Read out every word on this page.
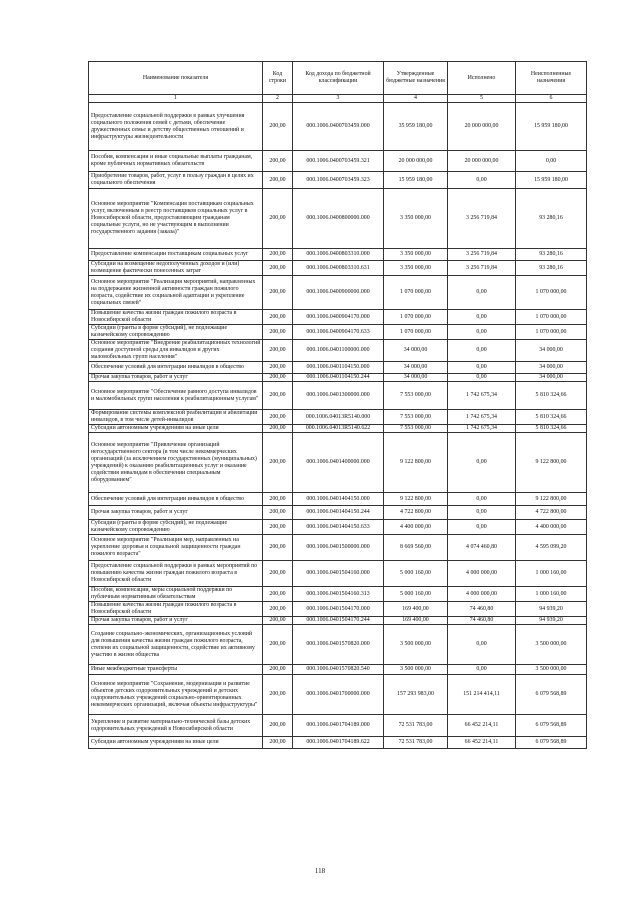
Наименование показателя	Код строки	Код дохода по бюджетной классификации	Утвержденные бюджетные назначения	Исполнено	Неисполненные назначения
1	2	3	4	5	6
Предоставление социальной поддержки в рамках улучшения социального положения семей с детьми, обеспечение дружественных семье и детству общественных отношений и инфраструктуры жизнедеятельности	200,00	000.1006.0400703459.000	35 959 180,00	20 000 000,00	15 959 180,00
Пособия, компенсации и иные социальные выплаты гражданам, кроме публичных нормативных обязательств	200,00	000.1006.0400703459.321	20 000 000,00	20 000 000,00	0,00
Приобретение товаров, работ, услуг в пользу граждан в целях их социального обеспечения	200,00	000.1006.0400703459.323	15 959 180,00	0,00	15 959 180,00
Основное мероприятие "Компенсация поставщикам социальных услуг, включенным в реестр поставщиков социальных услуг в Новосибирской области, предоставляющим гражданам социальные услуги, но не участвующим в выполнении государственного задания (заказа)"	200,00	000.1006.0400800000.000	3 350 000,00	3 256 719,84	93 280,16
Предоставление компенсации поставщикам социальных услуг	200,00	000.1006.0400803310.000	3 350 000,00	3 256 719,84	93 280,16
Субсидии на возмещение недополученных доходов и (или) возмещение фактически понесенных затрат	200,00	000.1006.0400803310.631	3 350 000,00	3 256 719,84	93 280,16
Основное мероприятие "Реализация мероприятий, направленных на поддержание жизненной активности граждан пожилого возраста, содействие их социальной адаптации и укрепление социальных связей"	200,00	000.1006.0400900000.000	1 070 000,00	0,00	1 070 000,00
Повышение качества жизни граждан пожилого возраста в Новосибирской области	200,00	000.1006.0400904170.000	1 070 000,00	0,00	1 070 000,00
Субсидии (гранты в форме субсидий), не подлежащие казначейскому сопровождению	200,00	000.1006.0400904170.633	1 070 000,00	0,00	1 070 000,00
Основное мероприятие "Внедрение реабилитационных технологий создания доступной среды для инвалидов и других маломобильных групп населения"	200,00	000.1006.0401100000.000	34 000,00	0,00	34 000,00
Обеспечение условий для интеграции инвалидов в общество	200,00	000.1006.0401104150.000	34 000,00	0,00	34 000,00
Прочая закупка товаров, работ и услуг	200,00	000.1006.0401104150.244	34 000,00	0,00	34 000,00
Основное мероприятие "Обеспечение равного доступа инвалидов и маломобильных групп населения к реабилитационным услугам"	200,00	000.1006.0401300000.000	7 553 000,00	1 742 675,34	5 810 324,66
Формирование системы комплексной реабилитации и абилитации инвалидов, в том числе детей-инвалидов	200,00	000.1006.04013R5140.000	7 553 000,00	1 742 675,34	5 810 324,66
Субсидии автономным учреждениям на иные цели	200,00	000.1006.04013R5140.622	7 553 000,00	1 742 675,34	5 810 324,66
Основное мероприятие "Привлечение организаций негосударственного сектора (в том числе некоммерческих организаций (за исключением государственных (муниципальных) учреждений) к оказанию реабилитационных услуг и оказание содействия инвалидам в обеспечении специальным оборудованием"	200,00	000.1006.0401400000.000	9 122 800,00	0,00	9 122 800,00
Обеспечение условий для интеграции инвалидов в общество	200,00	000.1006.0401404150.000	9 122 800,00	0,00	9 122 800,00
Прочая закупка товаров, работ и услуг	200,00	000.1006.0401404150.244	4 722 800,00	0,00	4 722 800,00
Субсидии (гранты в форме субсидий), не подлежащие казначейскому сопровождению	200,00	000.1006.0401404150.633	4 400 000,00	0,00	4 400 000,00
Основное мероприятие "Реализация мер, направленных на укрепление здоровья и социальной защищенности граждан пожилого возраста"	200,00	000.1006.0401500000.000	8 669 560,00	4 074 460,80	4 595 099,20
Предоставление социальной поддержки в рамках мероприятий по повышению качества жизни граждан пожилого возраста в Новосибирской области	200,00	000.1006.0401504160.000	5 000 160,00	4 000 000,00	1 000 160,00
Пособия, компенсации, меры социальной поддержки по публичным нормативным обязательствам	200,00	000.1006.0401504160.313	5 000 160,00	4 000 000,00	1 000 160,00
Повышение качества жизни граждан пожилого возраста в Новосибирской области	200,00	000.1006.0401504170.000	169 400,00	74 460,80	94 939,20
Прочая закупка товаров, работ и услуг	200,00	000.1006.0401504170.244	169 400,00	74 460,80	94 939,20
Создание социально-экономических, организационных условий для повышения качества жизни граждан пожилого возраста, степени их социальной защищенности, содействие их активному участию в жизни общества	200,00	000.1006.0401570820.000	3 500 000,00	0,00	3 500 000,00
Иные межбюджетные трансферты	200,00	000.1006.0401570820.540	3 500 000,00	0,00	3 500 000,00
Основное мероприятие "Сохранение, модернизация и развитие объектов детских оздоровительных учреждений и детских оздоровительных учреждений социально-ориентированных некоммерческих организаций, включая объекты инфраструктуры"	200,00	000.1006.0401700000.000	157 293 983,00	151 214 414,11	6 079 568,89
Укрепление и развитие материально-технической базы детских оздоровительных учреждений в Новосибирской области	200,00	000.1006.0401704189.000	72 531 783,00	66 452 214,11	6 079 568,89
Субсидии автономным учреждениям на иные цели	200,00	000.1006.0401704189.622	72 531 783,00	66 452 214,11	6 079 568,89
118
